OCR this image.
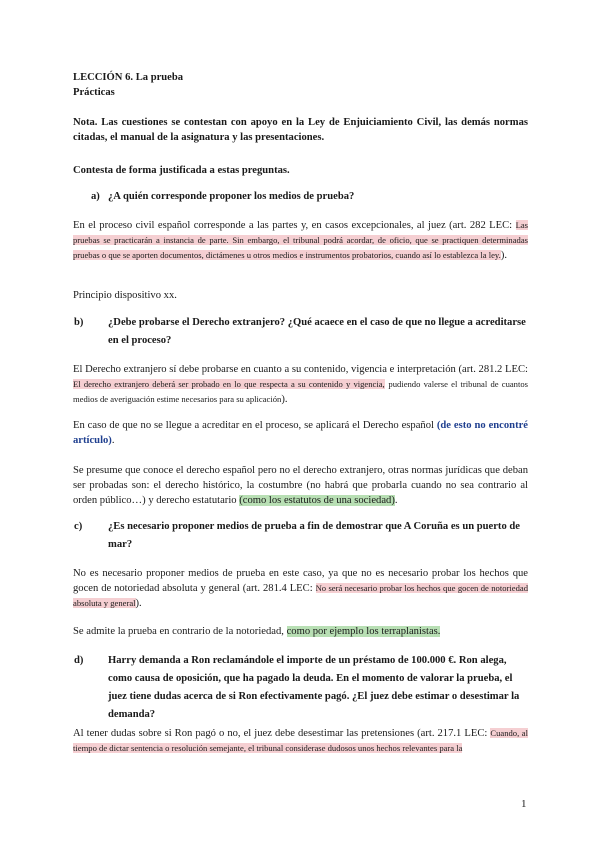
LECCIÓN 6. La prueba
Prácticas

Nota. Las cuestiones se contestan con apoyo en la Ley de Enjuiciamiento Civil, las demás normas citadas, el manual de la asignatura y las presentaciones.

Contesta de forma justificada a estas preguntas.

a) ¿A quién corresponde proponer los medios de prueba?

En el proceso civil español corresponde a las partes y, en casos excepcionales, al juez (art. 282 LEC: Las pruebas se practicarán a instancia de parte. Sin embargo, el tribunal podrá acordar, de oficio, que se practiquen determinadas pruebas o que se aporten documentos, dictámenes u otros medios e instrumentos probatorios, cuando así lo establezca la ley.).

Principio dispositivo xx.

b) ¿Debe probarse el Derecho extranjero? ¿Qué acaece en el caso de que no llegue a acreditarse en el proceso?

El Derecho extranjero sí debe probarse en cuanto a su contenido, vigencia e interpretación (art. 281.2 LEC: El derecho extranjero deberá ser probado en lo que respecta a su contenido y vigencia, pudiendo valerse el tribunal de cuantos medios de averiguación estime necesarios para su aplicación).

En caso de que no se llegue a acreditar en el proceso, se aplicará el Derecho español (de esto no encontré artículo).

Se presume que conoce el derecho español pero no el derecho extranjero, otras normas jurídicas que deban ser probadas son: el derecho histórico, la costumbre (no habrá que probarla cuando no sea contrario al orden público…) y derecho estatutario (como los estatutos de una sociedad).

c) ¿Es necesario proponer medios de prueba a fin de demostrar que A Coruña es un puerto de mar?

No es necesario proponer medios de prueba en este caso, ya que no es necesario probar los hechos que gocen de notoriedad absoluta y general (art. 281.4 LEC: No será necesario probar los hechos que gocen de notoriedad absoluta y general).

Se admite la prueba en contrario de la notoriedad, como por ejemplo los terraplanistas.

d) Harry demanda a Ron reclamándole el importe de un préstamo de 100.000 €. Ron alega, como causa de oposición, que ha pagado la deuda. En el momento de valorar la prueba, el juez tiene dudas acerca de si Ron efectivamente pagó. ¿El juez debe estimar o desestimar la demanda?

Al tener dudas sobre si Ron pagó o no, el juez debe desestimar las pretensiones (art. 217.1 LEC: Cuando, al tiempo de dictar sentencia o resolución semejante, el tribunal considerase dudosos unos hechos relevantes para la

1
